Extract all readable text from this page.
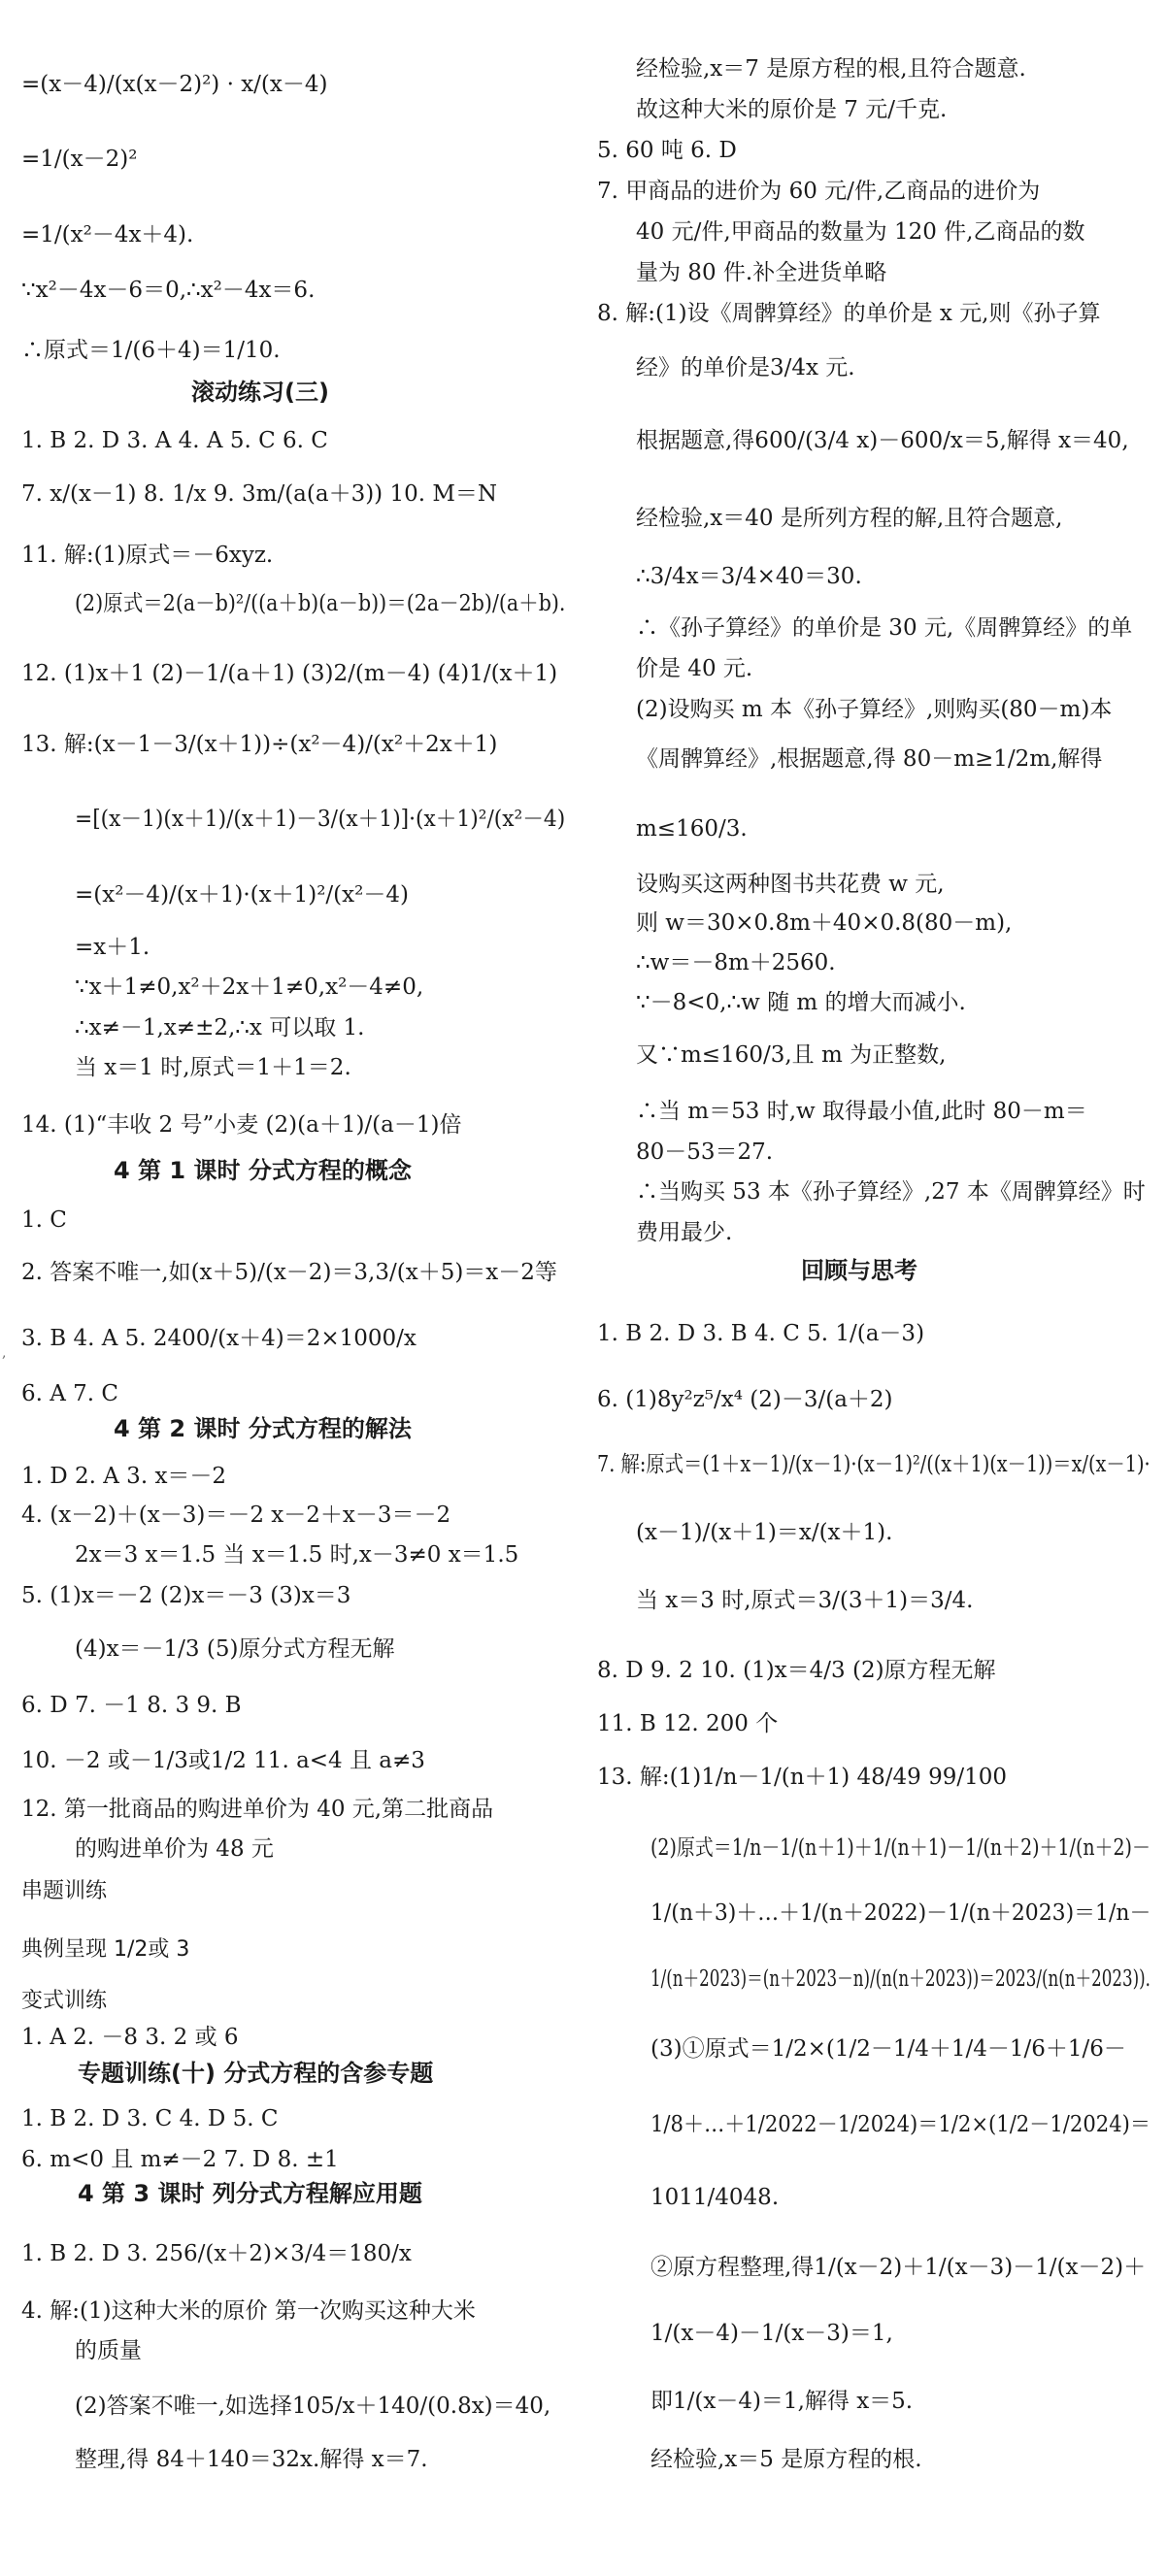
=(x－4)/(x(x－2)²) · x/(x－4)
=1/(x－2)²
=1/(x²－4x＋4).
∵x²－4x－6＝0,∴x²－4x＝6.
∴原式＝1/(6＋4)＝1/10.
1. B 2. D 3. A 4. A 5. C 6. C
7. x/(x－1) 8. 1/x 9. 3m/(a(a＋3)) 10. M＝N
11. 解:(1)原式＝－6xyz.
(2)原式＝2(a－b)²/((a＋b)(a－b))＝(2a－2b)/(a＋b).
12. (1)x＋1 (2)－1/(a＋1) (3)2/(m－4) (4)1/(x＋1)
13. 解:(x－1－3/(x＋1))÷(x²－4)/(x²＋2x＋1)
=[(x－1)(x＋1)/(x＋1)－3/(x＋1)]·(x＋1)²/(x²－4)
=(x²－4)/(x＋1)·(x＋1)²/(x²－4)
=x＋1.
∵x＋1≠0,x²＋2x＋1≠0,x²－4≠0,
∴x≠－1,x≠±2,∴x 可以取 1.
当 x＝1 时,原式＝1＋1＝2.
14. (1)“丰收 2 号”小麦 (2)(a＋1)/(a－1)倍
1. C
2. 答案不唯一,如(x＋5)/(x－2)＝3,3/(x＋5)＝x－2等
3. B 4. A 5. 2400/(x＋4)＝2×1000/x
6. A 7. C
1. D 2. A 3. x＝－2
4. (x－2)＋(x－3)＝－2 x－2＋x－3＝－2
2x＝3 x＝1.5 当 x＝1.5 时,x－3≠0 x＝1.5
5. (1)x＝－2 (2)x＝－3 (3)x＝3
(4)x＝－1/3 (5)原分式方程无解
6. D 7. －1 8. 3 9. B
10. －2 或－1/3或1/2 11. a<4 且 a≠3
12. 第一批商品的购进单价为 40 元,第二批商品
的购进单价为 48 元
串题训练
典例呈现 1/2或 3
变式训练
1. A 2. －8 3. 2 或 6
1. B 2. D 3. C 4. D 5. C
6. m<0 且 m≠－2 7. D 8. ±1
1. B 2. D 3. 256/(x＋2)×3/4＝180/x
4. 解:(1)这种大米的原价 第一次购买这种大米
的质量
(2)答案不唯一,如选择105/x＋140/(0.8x)＝40,
整理,得 84＋140＝32x.解得 x＝7.
滚动练习(三)
4 第 1 课时 分式方程的概念
4 第 2 课时 分式方程的解法
专题训练(十) 分式方程的含参专题
4 第 3 课时 列分式方程解应用题
经检验,x＝7 是原方程的根,且符合题意.
故这种大米的原价是 7 元/千克.
5. 60 吨 6. D
7. 甲商品的进价为 60 元/件,乙商品的进价为
40 元/件,甲商品的数量为 120 件,乙商品的数
量为 80 件.补全进货单略
8. 解:(1)设《周髀算经》的单价是 x 元,则《孙子算
经》的单价是3/4x 元.
根据题意,得600/(3/4 x)－600/x＝5,解得 x＝40,
经检验,x＝40 是所列方程的解,且符合题意,
∴3/4x＝3/4×40＝30.
∴《孙子算经》的单价是 30 元,《周髀算经》的单
价是 40 元.
(2)设购买 m 本《孙子算经》,则购买(80－m)本
《周髀算经》,根据题意,得 80－m≥1/2m,解得
m≤160/3.
设购买这两种图书共花费 w 元,
则 w＝30×0.8m＋40×0.8(80－m),
∴w＝－8m＋2560.
∵－8<0,∴w 随 m 的增大而减小.
又∵m≤160/3,且 m 为正整数,
∴当 m＝53 时,w 取得最小值,此时 80－m＝
80－53＝27.
∴当购买 53 本《孙子算经》,27 本《周髀算经》时
费用最少.
1. B 2. D 3. B 4. C 5. 1/(a－3)
6. (1)8y²z⁵/x⁴ (2)－3/(a＋2)
7. 解:原式＝(1＋x－1)/(x－1)·(x－1)²/((x＋1)(x－1))＝x/(x－1)·
(x－1)/(x＋1)＝x/(x＋1).
当 x＝3 时,原式＝3/(3＋1)＝3/4.
8. D 9. 2 10. (1)x＝4/3 (2)原方程无解
11. B 12. 200 个
13. 解:(1)1/n－1/(n＋1) 48/49 99/100
(2)原式＝1/n－1/(n＋1)＋1/(n＋1)－1/(n＋2)＋1/(n＋2)－
1/(n＋3)＋…＋1/(n＋2022)－1/(n＋2023)＝1/n－
1/(n＋2023)＝(n＋2023－n)/(n(n＋2023))＝2023/(n(n＋2023)).
(3)①原式＝1/2×(1/2－1/4＋1/4－1/6＋1/6－
1/8＋…＋1/2022－1/2024)＝1/2×(1/2－1/2024)＝
1011/4048.
②原方程整理,得1/(x－2)＋1/(x－3)－1/(x－2)＋
1/(x－4)－1/(x－3)＝1,
即1/(x－4)＝1,解得 x＝5.
经检验,x＝5 是原方程的根.
回顾与思考
,
